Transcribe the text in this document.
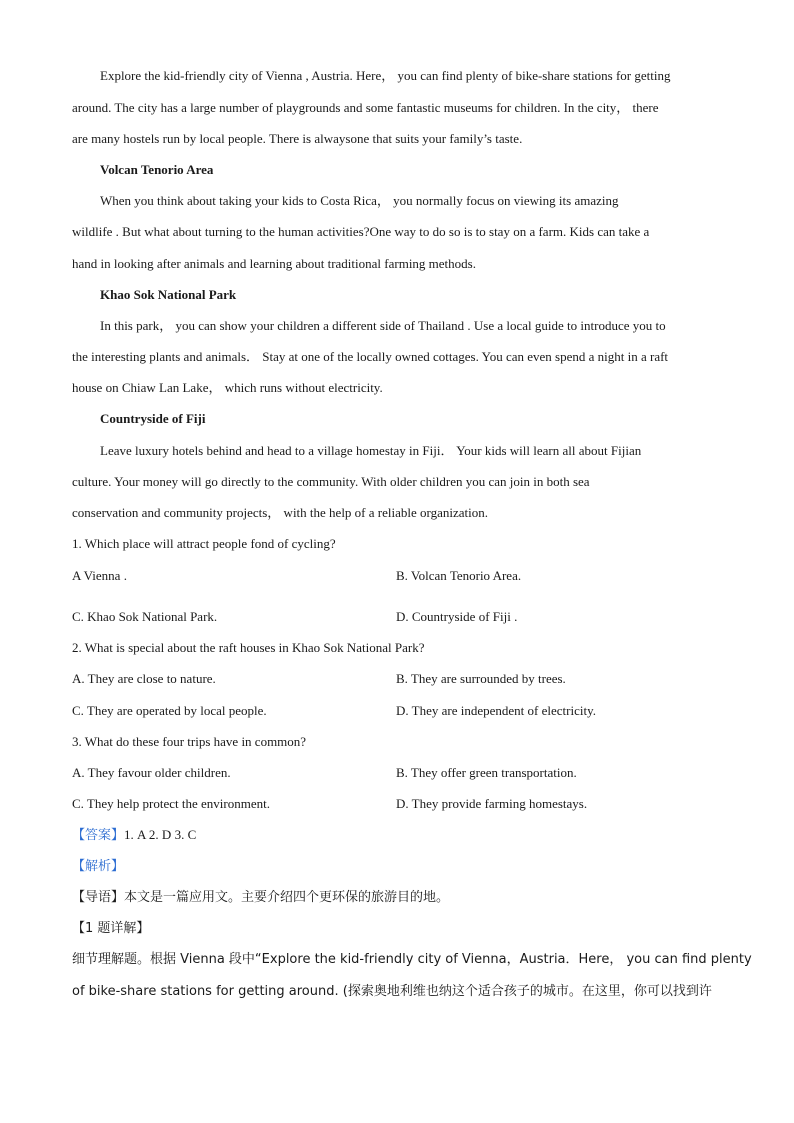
Explore the kid-friendly city of Vienna , Austria. Here， you can find plenty of bike-share stations for getting
around. The city has a large number of playgrounds and some fantastic museums for children. In the city， there
are many hostels run by local people. There is alwaysone that suits your family’s taste.
Volcan Tenorio Area
When you think about taking your kids to Costa Rica， you normally focus on viewing its amazing
wildlife . But what about turning to the human activities?One way to do so is to stay on a farm. Kids can take a
hand in looking after animals and learning about traditional farming methods.
Khao Sok National Park
In this park， you can show your children a different side of Thailand . Use a local guide to introduce you to
the interesting plants and animals． Stay at one of the locally owned cottages. You can even spend a night in a raft
house on Chiaw Lan Lake， which runs without electricity.
Countryside of Fiji
Leave luxury hotels behind and head to a village homestay in Fiji． Your kids will learn all about Fijian
culture. Your money will go directly to the community. With older children you can join in both sea
conservation and community projects， with the help of a reliable organization.
1. Which place will attract people fond of cycling?
A Vienna .	B. Volcan Tenorio Area.
C. Khao Sok National Park.	D. Countryside of Fiji .
2. What is special about the raft houses in Khao Sok National Park?
A. They are close to nature.	B. They are surrounded by trees.
C. They are operated by local people.	D. They are independent of electricity.
3. What do these four trips have in common?
A. They favour older children.	B. They offer green transportation.
C. They help protect the environment.	D. They provide farming homestays.
【答案】1. A 2. D 3. C
【解析】
【导语】本文是一篇应用文。主要介绍四个更环保的旅游目的地。
【1 题详解】
细节理解题。根据 Vienna 段中“Explore the kid-friendly city of Vienna，Austria．Here， you can find plenty
of bike-share stations for getting around. (探索奥地利维也纳这个适合孩子的城市。在这里，你可以找到许
